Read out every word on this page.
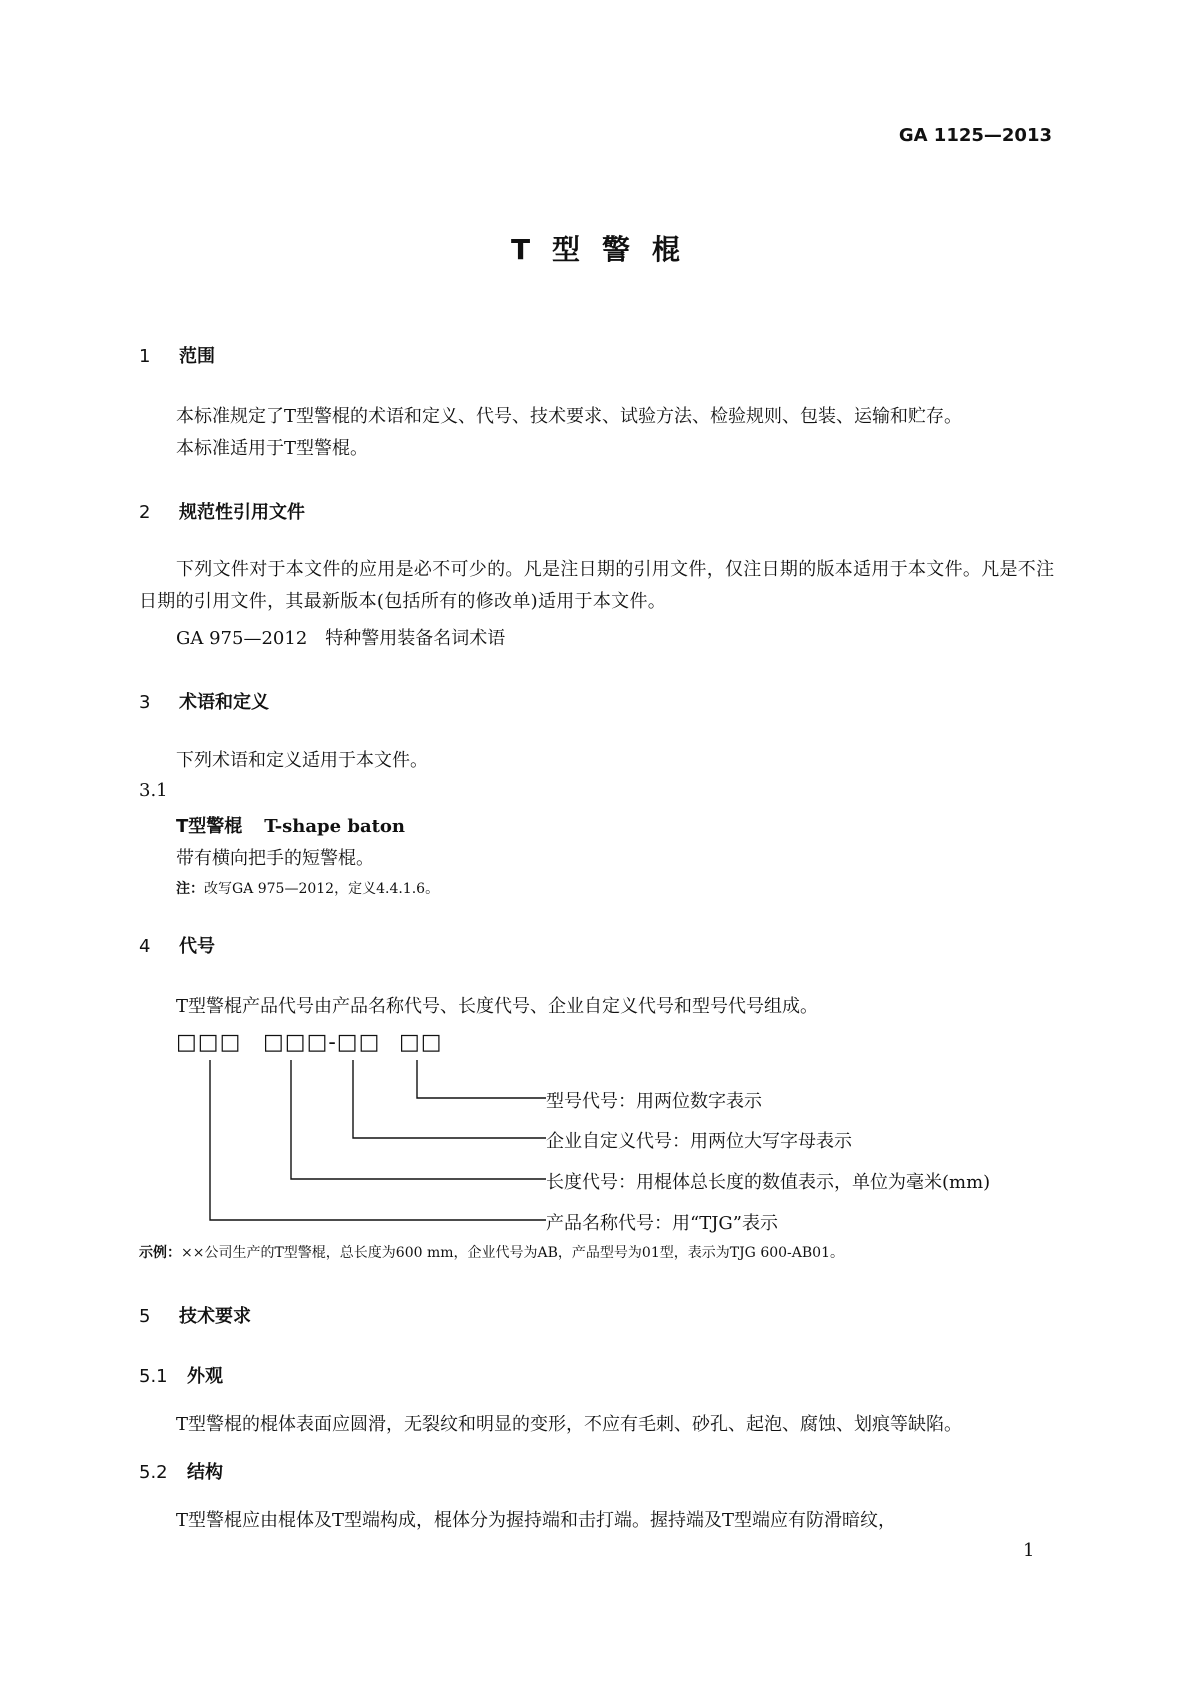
GA 1125—2013
T型警棍
1 范围
本标准规定了T型警棍的术语和定义、代号、技术要求、试验方法、检验规则、包装、运输和贮存。
本标准适用于T型警棍。
2 规范性引用文件
下列文件对于本文件的应用是必不可少的。凡是注日期的引用文件，仅注日期的版本适用于本文件。凡是不注日期的引用文件，其最新版本(包括所有的修改单)适用于本文件。
GA 975—2012　特种警用装备名词术语
3 术语和定义
下列术语和定义适用于本文件。
3.1
T型警棍 T-shape baton
带有横向把手的短警棍。
注：改写GA 975—2012，定义4.4.1.6。
4 代号
T型警棍产品代号由产品名称代号、长度代号、企业自定义代号和型号代号组成。
□□□ □□□-□□ □□
型号代号：用两位数字表示
企业自定义代号：用两位大写字母表示
长度代号：用棍体总长度的数值表示，单位为毫米(mm)
产品名称代号：用“TJG”表示
示例：××公司生产的T型警棍，总长度为600 mm，企业代号为AB，产品型号为01型，表示为TJG 600-AB01。
5 技术要求
5.1 外观
T型警棍的棍体表面应圆滑，无裂纹和明显的变形，不应有毛刺、砂孔、起泡、腐蚀、划痕等缺陷。
5.2 结构
T型警棍应由棍体及T型端构成，棍体分为握持端和击打端。握持端及T型端应有防滑暗纹，
1
